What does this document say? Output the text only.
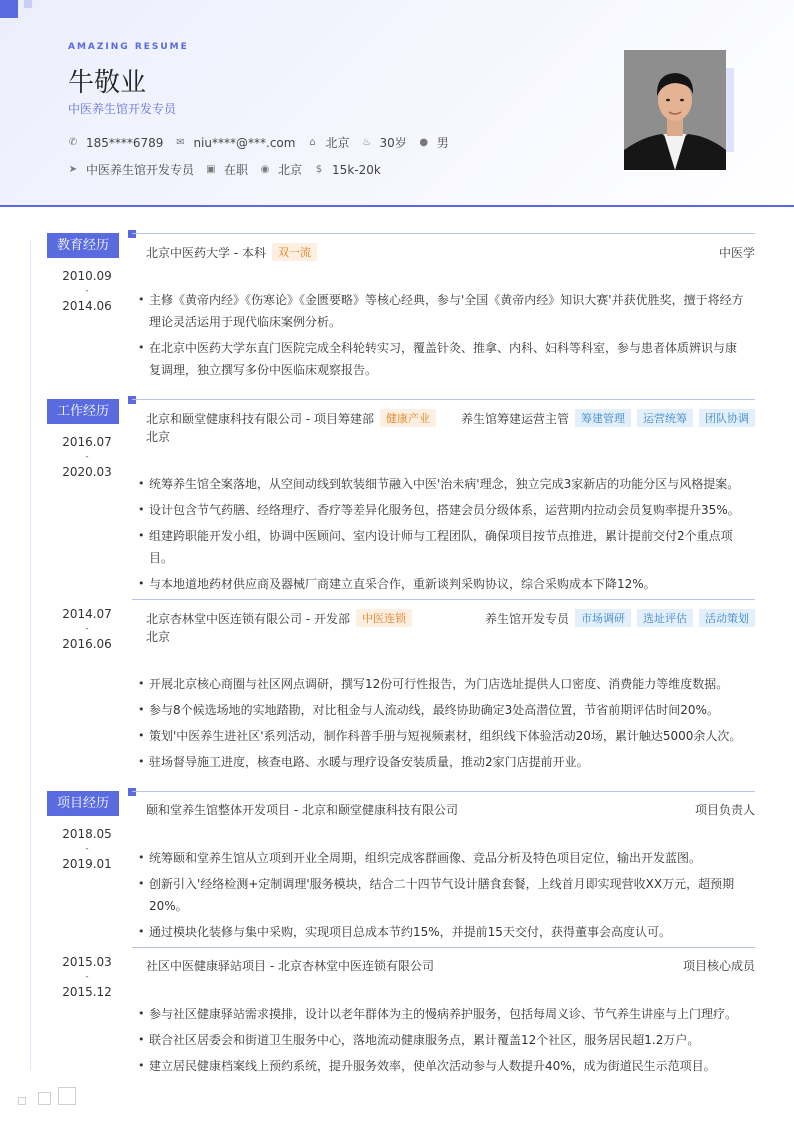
AMAZING RESUME
牛敬业
中医养生馆开发专员
✆ 185****6789 ✉ niu****@***.com ⌂ 北京 ♨ 30岁 ● 男
➤ 中医养生馆开发专员 ▣ 在职 ◉ 北京 $ 15k-20k
教育经历	北京中医药大学 - 本科	双一流	中医学
2010.09
-
2014.06	• 主修《黄帝内经》《伤寒论》《金匮要略》等核心经典，参与'全国《黄帝内经》知识大赛'并获优胜奖，擅于将经方理论灵活运用于现代临床案例分析。
• 在北京中医药大学东直门医院完成全科轮转实习，覆盖针灸、推拿、内科、妇科等科室，参与患者体质辨识与康复调理，独立撰写多份中医临床观察报告。
工作经历	北京和颐堂健康科技有限公司 - 项目筹建部	健康产业	养生馆筹建运营主管	筹建管理	运营统筹	团队协调
北京
2016.07
-
2020.03
• 统筹养生馆全案落地，从空间动线到软装细节融入中医'治未病'理念，独立完成3家新店的功能分区与风格提案。
• 设计包含节气药膳、经络理疗、香疗等差异化服务包，搭建会员分级体系，运营期内拉动会员复购率提升35%。
• 组建跨职能开发小组，协调中医顾问、室内设计师与工程团队，确保项目按节点推进，累计提前交付2个重点项目。
• 与本地道地药材供应商及器械厂商建立直采合作，重新谈判采购协议，综合采购成本下降12%。
北京杏林堂中医连锁有限公司 - 开发部	中医连锁	养生馆开发专员	市场调研	选址评估	活动策划
北京
2014.07
-
2016.06
• 开展北京核心商圈与社区网点调研，撰写12份可行性报告，为门店选址提供人口密度、消费能力等维度数据。
• 参与8个候选场地的实地踏勘，对比租金与人流动线，最终协助确定3处高潜位置，节省前期评估时间20%。
• 策划'中医养生进社区'系列活动，制作科普手册与短视频素材，组织线下体验活动20场，累计触达5000余人次。
• 驻场督导施工进度，核查电路、水暖与理疗设备安装质量，推动2家门店提前开业。
项目经历	颐和堂养生馆整体开发项目 - 北京和颐堂健康科技有限公司	项目负责人
2018.05
-
2019.01	• 统筹颐和堂养生馆从立项到开业全周期，组织完成客群画像、竞品分析及特色项目定位，输出开发蓝图。
• 创新引入'经络检测+定制调理'服务模块，结合二十四节气设计膳食套餐，上线首月即实现营收XX万元，超预期20%。
• 通过模块化装修与集中采购，实现项目总成本节约15%，并提前15天交付，获得董事会高度认可。
社区中医健康驿站项目 - 北京杏林堂中医连锁有限公司	项目核心成员
2015.03
-
2015.12
• 参与社区健康驿站需求摸排，设计以老年群体为主的慢病养护服务，包括每周义诊、节气养生讲座与上门理疗。
• 联合社区居委会和街道卫生服务中心，落地流动健康服务点，累计覆盖12个社区，服务居民超1.2万户。
• 建立居民健康档案线上预约系统，提升服务效率，使单次活动参与人数提升40%，成为街道民生示范项目。
